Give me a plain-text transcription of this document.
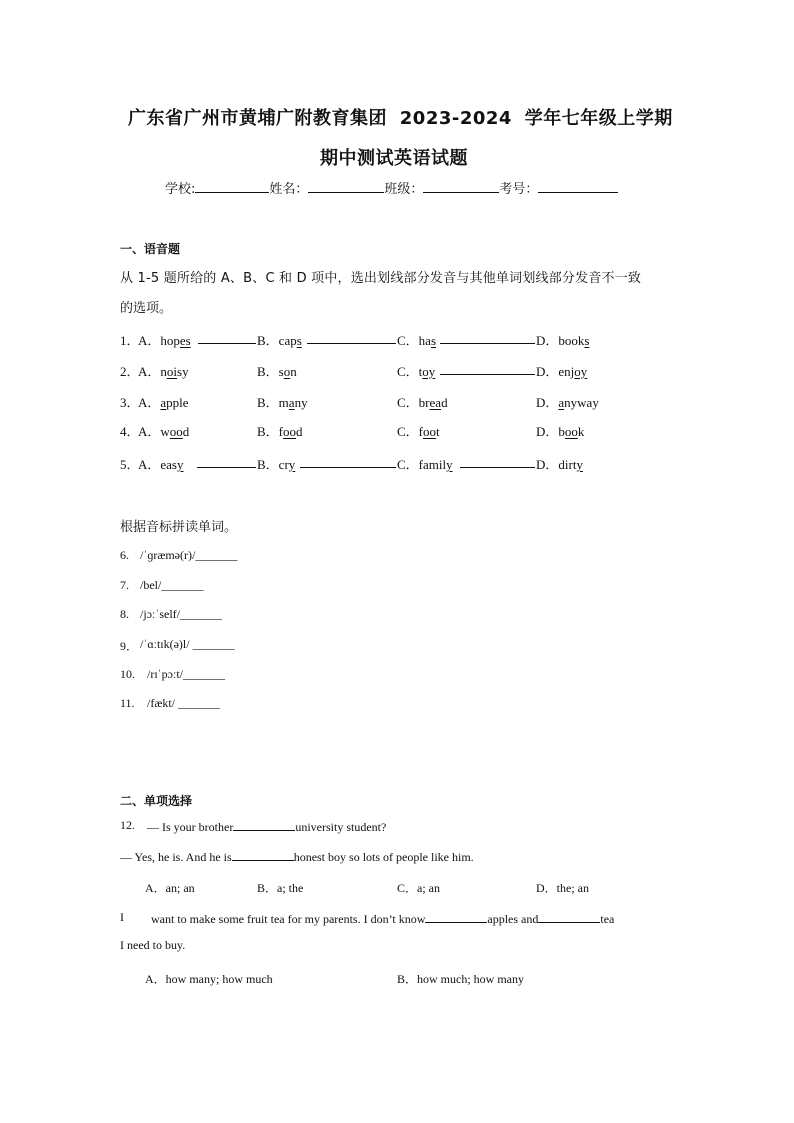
广东省广州市黄埔广附教育集团 2023-2024 学年七年级上学期
期中测试英语试题
学校:	姓名：	班级：	考号：
一、语音题
从 1-5 题所给的 A、B、C 和 D 项中，选出划线部分发音与其他单词划线部分发音不一致
的选项。
1．
A．hopes	B．caps	C．has	D．books
2．
A．noisy	B．son	C．toy	D．enjoy
3．
A．apple	B．many	C．bread	D．anyway
4．
A．wood	B．food	C．foot	D．book
5．
A．easy	B．cry	C．family	D．dirty
根据音标拼读单词。
6. /ˈɡræmə(r)/_______
7. /bel/_______
8. /jɔːˈself/_______
9． /ˈɑːtɪk(ə)l/ _______
10. /rɪˈpɔːt/_______
11. /fækt/ _______
二、单项选择
12. — Is your brother	university student?
— Yes, he is. And he is	honest boy so lots of people like him.
A．an; an	B．a; the	C．a; an	D．the; an
I want to make some fruit tea for my parents. I don’t know	apples and	tea
I need to buy.
A．how many; how much	B．how much; how many
